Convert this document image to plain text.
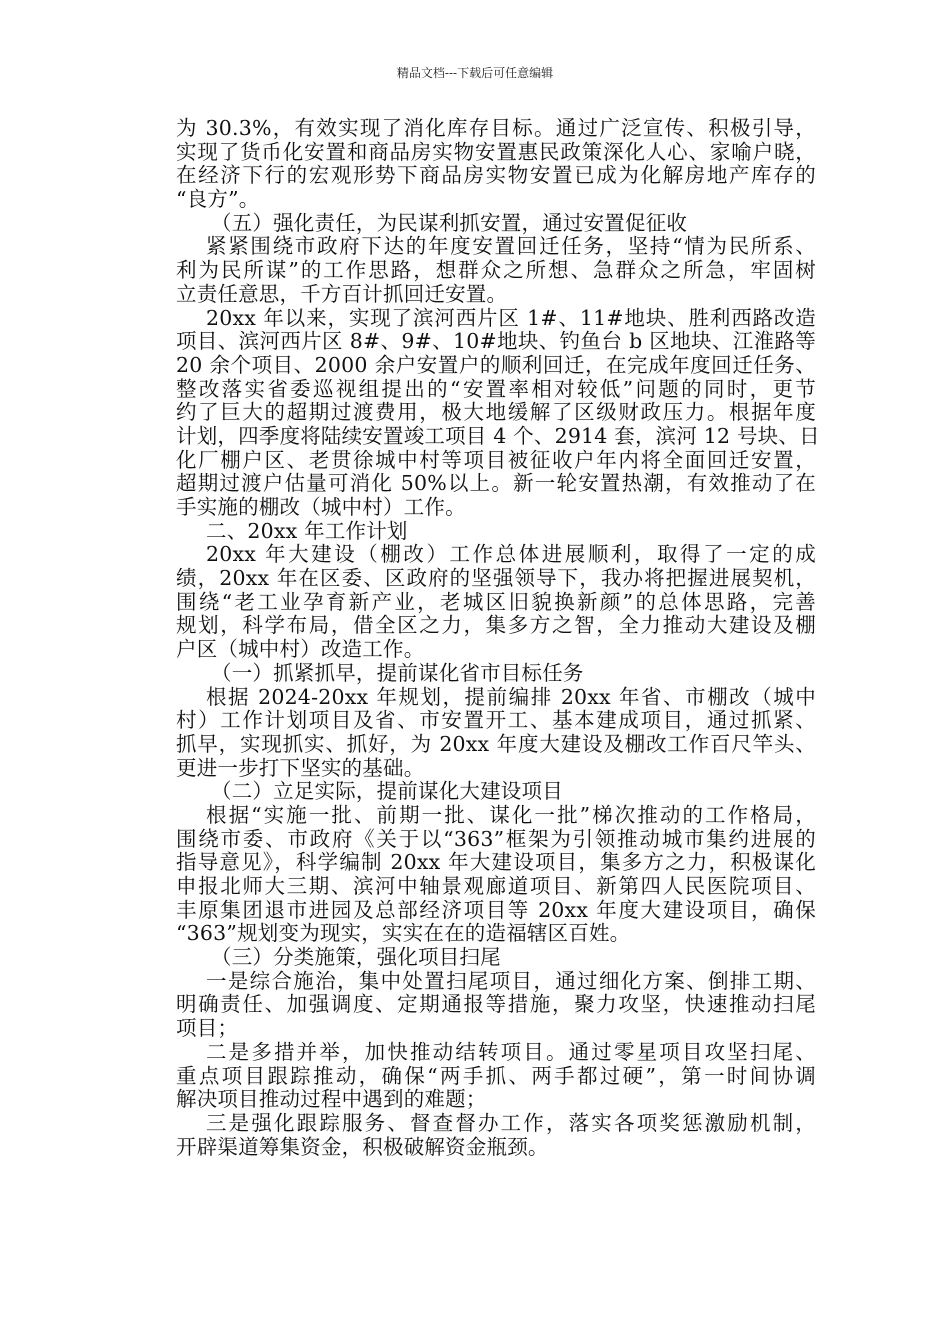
精品文档---下载后可任意编辑
为 30.3%，有效实现了消化库存目标。通过广泛宣传、积极引导，
实现了货币化安置和商品房实物安置惠民政策深化人心、家喻户晓，
在经济下行的宏观形势下商品房实物安置已成为化解房地产库存的
“良方”。
（五）强化责任，为民谋利抓安置，通过安置促征收
紧紧围绕市政府下达的年度安置回迁任务，坚持“情为民所系、
利为民所谋”的工作思路，想群众之所想、急群众之所急，牢固树
立责任意思，千方百计抓回迁安置。
20xx 年以来，实现了滨河西片区 1#、11#地块、胜利西路改造
项目、滨河西片区 8#、9#、10#地块、钓鱼台 b 区地块、江淮路等
20 余个项目、2000 余户安置户的顺利回迁，在完成年度回迁任务、
整改落实省委巡视组提出的“安置率相对较低”问题的同时，更节
约了巨大的超期过渡费用，极大地缓解了区级财政压力。根据年度
计划，四季度将陆续安置竣工项目 4 个、2914 套，滨河 12 号块、日
化厂棚户区、老贯徐城中村等项目被征收户年内将全面回迁安置，
超期过渡户估量可消化 50%以上。新一轮安置热潮，有效推动了在
手实施的棚改（城中村）工作。
二、20xx 年工作计划
20xx 年大建设（棚改）工作总体进展顺利，取得了一定的成
绩，20xx 年在区委、区政府的坚强领导下，我办将把握进展契机，
围绕“老工业孕育新产业，老城区旧貌换新颜”的总体思路，完善
规划，科学布局，借全区之力，集多方之智，全力推动大建设及棚
户区（城中村）改造工作。
（一）抓紧抓早，提前谋化省市目标任务
根据 2024-20xx 年规划，提前编排 20xx 年省、市棚改（城中
村）工作计划项目及省、市安置开工、基本建成项目，通过抓紧、
抓早，实现抓实、抓好，为 20xx 年度大建设及棚改工作百尺竿头、
更进一步打下坚实的基础。
（二）立足实际，提前谋化大建设项目
根据“实施一批、前期一批、谋化一批”梯次推动的工作格局，
围绕市委、市政府《关于以“363”框架为引领推动城市集约进展的
指导意见》，科学编制 20xx 年大建设项目，集多方之力，积极谋化
申报北师大三期、滨河中轴景观廊道项目、新第四人民医院项目、
丰原集团退市进园及总部经济项目等 20xx 年度大建设项目，确保
“363”规划变为现实，实实在在的造福辖区百姓。
（三）分类施策，强化项目扫尾
一是综合施治，集中处置扫尾项目，通过细化方案、倒排工期、
明确责任、加强调度、定期通报等措施，聚力攻坚，快速推动扫尾
项目；
二是多措并举，加快推动结转项目。通过零星项目攻坚扫尾、
重点项目跟踪推动，确保“两手抓、两手都过硬”，第一时间协调
解决项目推动过程中遇到的难题；
三是强化跟踪服务、督查督办工作，落实各项奖惩激励机制，
开辟渠道筹集资金，积极破解资金瓶颈。
